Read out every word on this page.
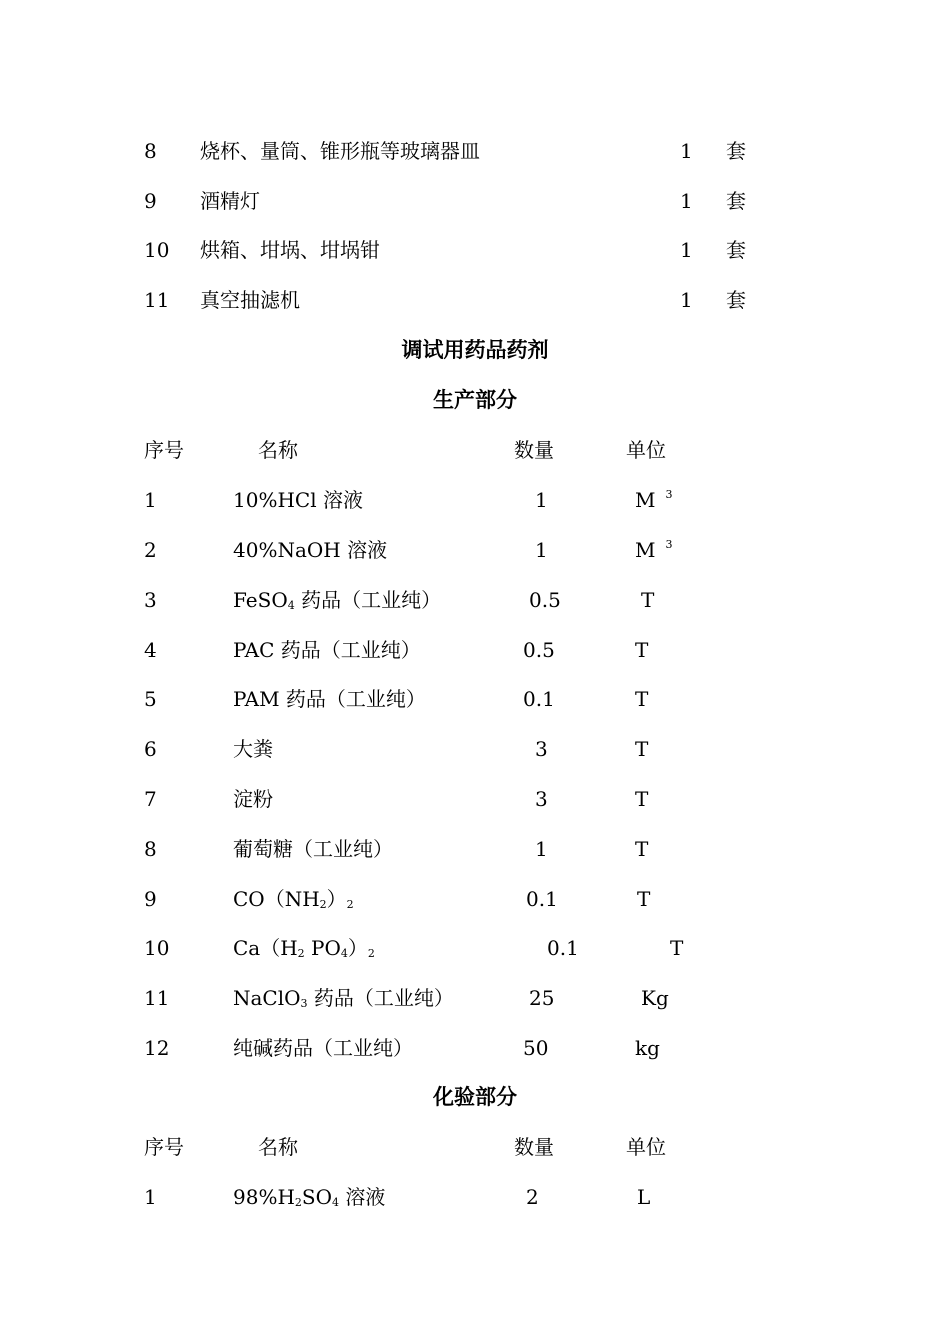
8 烧杯、量筒、锥形瓶等玻璃器皿	1 套
9 酒精灯	1 套
10 烘箱、坩埚、坩埚钳	1 套
11 真空抽滤机	1 套
调试用药品药剂
生产部分
序号	名称	数量	单位
1	10%HCl 溶液	1	M $^3$
2	40%NaOH 溶液	1	M $^3$
3	FeSO$_4$ 药品（工业纯）	0.5	T
4	PAC 药品（工业纯）	0.5	T
5	PAM 药品（工业纯）	0.1	T
6	大粪	3	T
7	淀粉	3	T
8	葡萄糖（工业纯）	1	T
9	$CO(NH_2)_2$	0.1	T
10	$Ca(H_2$ $PO_4)_2$	0.1	T
11	NaClO$_3$ 药品（工业纯）	25	Kg
12	纯碱药品（工业纯）	50	kg
化验部分
序号	名称	数量	单位
1	$98\%H_2SO_4$ 溶液	2	L
